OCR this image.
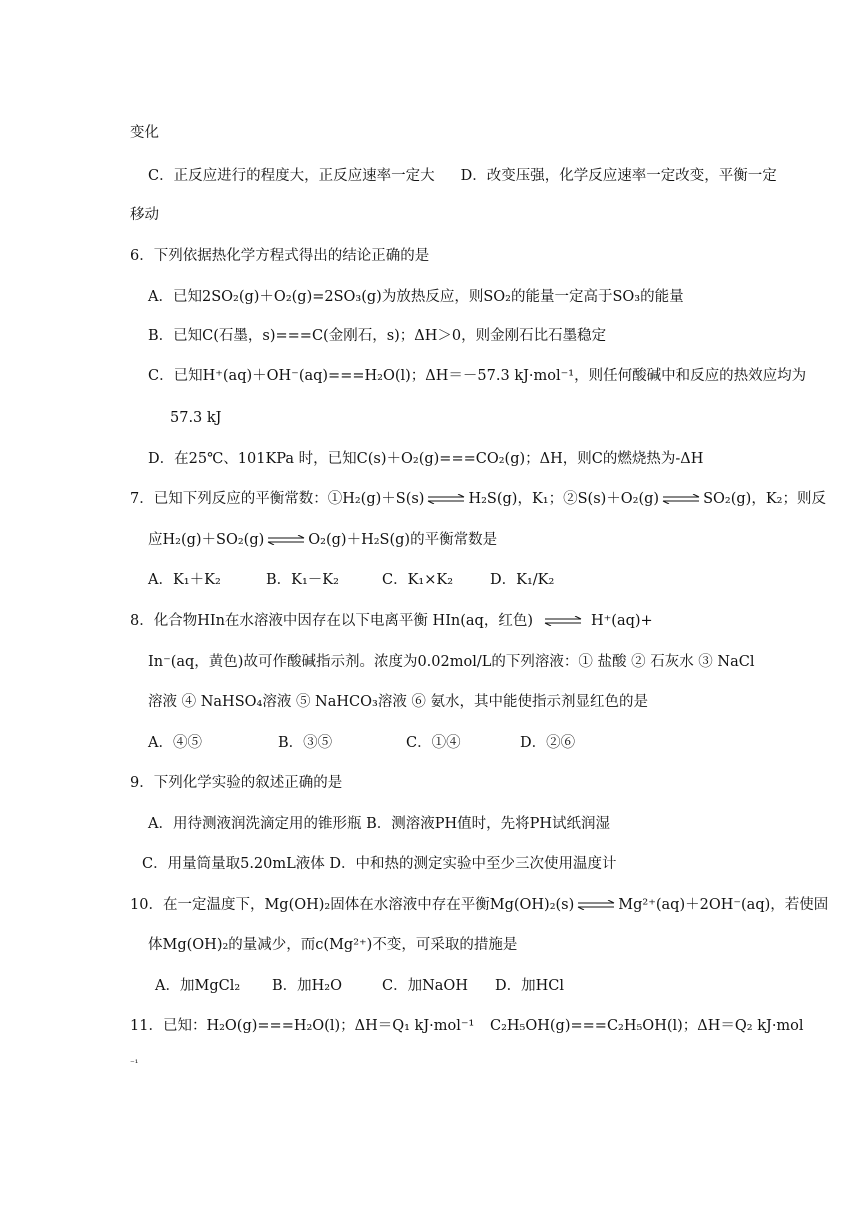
变化
C．正反应进行的程度大，正反应速率一定大 D．改变压强，化学反应速率一定改变，平衡一定
移动
6．下列依据热化学方程式得出的结论正确的是
A．已知2SO₂(g)＋O₂(g)=2SO₃(g)为放热反应，则SO₂的能量一定高于SO₃的能量
B．已知C(石墨，s)===C(金刚石，s)；ΔH＞0，则金刚石比石墨稳定
C．已知H⁺(aq)＋OH⁻(aq)===H₂O(l)；ΔH＝－57.3 kJ·mol⁻¹，则任何酸碱中和反应的热效应均为
57.3 kJ
D．在25℃、101KPa 时，已知C(s)＋O₂(g)===CO₂(g)；ΔH，则C的燃烧热为-ΔH
7．已知下列反应的平衡常数：①H₂(g)＋S(s) ⇌ H₂S(g)，K₁；②S(s)＋O₂(g) ⇌ SO₂(g)，K₂；则反
应H₂(g)＋SO₂(g) ⇌ O₂(g)＋H₂S(g)的平衡常数是
A．K₁＋K₂	B．K₁－K₂	C．K₁×K₂	D．K₁/K₂
8．化合物HIn在水溶液中因存在以下电离平衡 HIn(aq，红色) ⇌ H⁺(aq)+
In⁻(aq，黄色)故可作酸碱指示剂。浓度为0.02mol/L的下列溶液：① 盐酸 ② 石灰水 ③ NaCl
溶液 ④ NaHSO₄溶液 ⑤ NaHCO₃溶液 ⑥ 氨水，其中能使指示剂显红色的是
A．④⑤	B．③⑤	C．①④	D．②⑥
9．下列化学实验的叙述正确的是
A．用待测液润洗滴定用的锥形瓶 B．测溶液PH值时，先将PH试纸润湿
C．用量筒量取5.20mL液体 D．中和热的测定实验中至少三次使用温度计
10．在一定温度下，Mg(OH)₂固体在水溶液中存在平衡Mg(OH)₂(s) ⇌ Mg²⁺(aq)＋2OH⁻(aq)，若使固
体Mg(OH)₂的量减少，而c(Mg²⁺)不变，可采取的措施是
A．加MgCl₂ B．加H₂O	C．加NaOH D．加HCl
11．已知：H₂O(g)===H₂O(l)；ΔH＝Q₁ kJ·mol⁻¹ C₂H₅OH(g)===C₂H₅OH(l)；ΔH＝Q₂ kJ·mol
⁻¹
